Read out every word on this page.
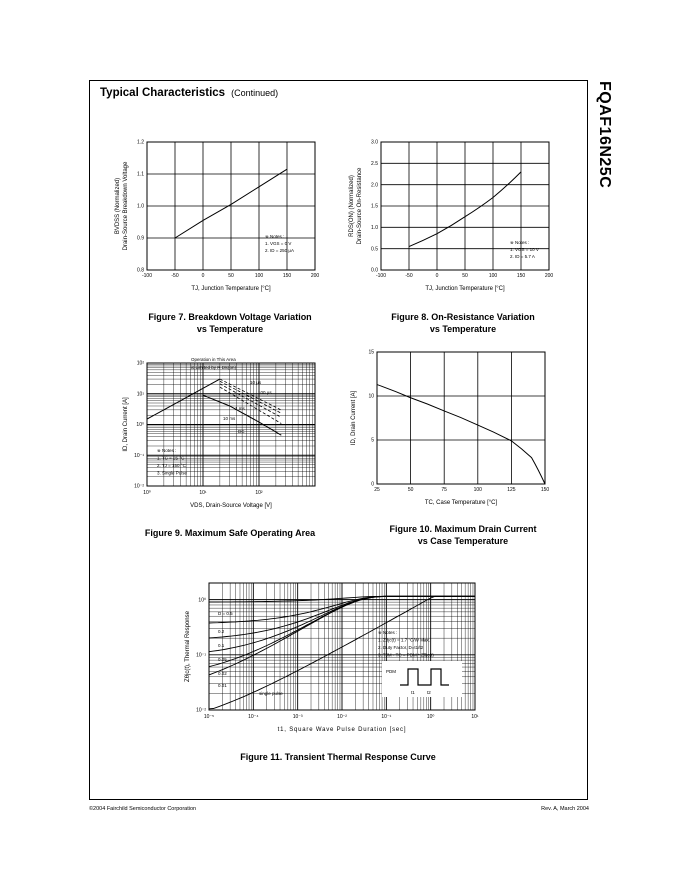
Typical Characteristics (Continued)	FQAF16N25C
-100	-50	0	50	100	150	200
0.8
0.9
1.0
1.1
1.2
TJ, Junction Temperature [°C]
BVDSS (Normalized) Drain-Source Breakdown Voltage	※ Notes :
1. VGS = 0 V
2. ID = 250 μA
Figure 7. Breakdown Voltage Variation
vs Temperature
-100	-50	0	50	100	150	200
0.0
0.5
1.0
1.5
2.0
2.5
3.0
TJ, Junction Temperature [°C]
RDS(ON) (Normalized) Drain-Source On-Resistance	※ Notes :
1. VGS = 10 V
2. ID = 5.7 A
Figure 8. On-Resistance Variation
vs Temperature
10⁰	10¹	10²
10⁻²
10⁻¹
10⁰
10¹
10²
10 μs
100 μs
1 ms
10 ms
DC
Operation in This Area
is Limited by R DS(on)
※ Notes :
1. TC = 25 °C
2. TJ = 150 °C
3. Single Pulse
VDS, Drain-Source Voltage [V]
ID, Drain Current [A]
Figure 9. Maximum Safe Operating Area
25	50	75	100	125	150
0
5
10
15
TC, Case Temperature [°C]
ID, Drain Current [A]
Figure 10. Maximum Drain Current
vs Case Temperature
10⁻⁵	10⁻⁴	10⁻³	10⁻²	10⁻¹	10⁰	10¹
10⁻²
10⁻¹
10⁰
D = 0.5
0.2
0.1
0.05
0.02
0.01
single pulse
※ Notes :
1. Zθjc(t) = 1.7 °C/W Max.
2. Duty Factor, D=t1/t2
3. TJM - TC = PDM * Zθjc(t)
PDM
t1	t2
t1, Square Wave Pulse Duration [sec]
Zθjc(t), Thermal Response
Figure 11. Transient Thermal Response Curve
©2004 Fairchild Semiconductor Corporation	Rev. A, March 2004
